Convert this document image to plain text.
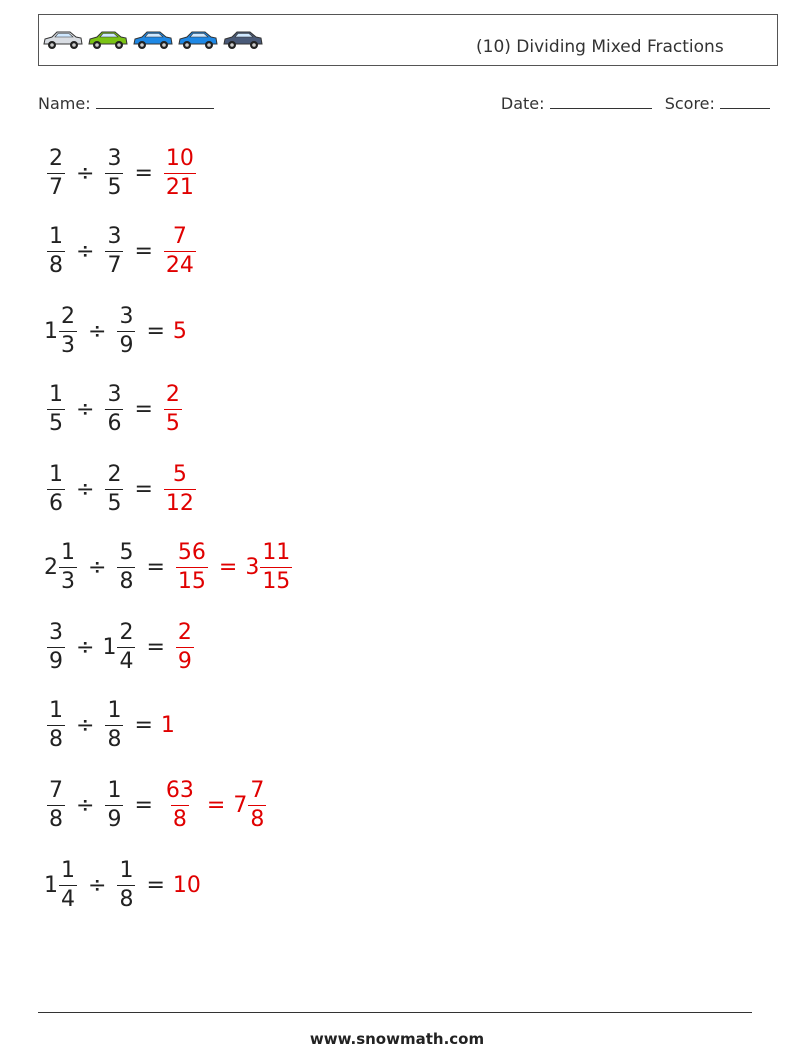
(10) Dividing Mixed Fractions
Name:	Date:	Score:
$\frac{2}{7} \div \frac{3}{5} = \frac{10}{21}$
$\frac{1}{8} \div \frac{3}{7} = \frac{7}{24}$
$1 \frac{2}{3} \div \frac{3}{9} = 5$
$\frac{1}{5} \div \frac{3}{6} = \frac{2}{5}$
$\frac{1}{6} \div \frac{2}{5} = \frac{5}{12}$
$2 \frac{1}{3} \div \frac{5}{8} = \frac{56}{15} = 3 \frac{11}{15}$
$\frac{3}{9} \div 1 \frac{2}{4} = \frac{2}{9}$
$\frac{1}{8} \div \frac{1}{8} = 1$
$\frac{7}{8} \div \frac{1}{9} = \frac{63}{8} = 7 \frac{7}{8}$
$1 \frac{1}{4} \div \frac{1}{8} = 10$
www.snowmath.com
